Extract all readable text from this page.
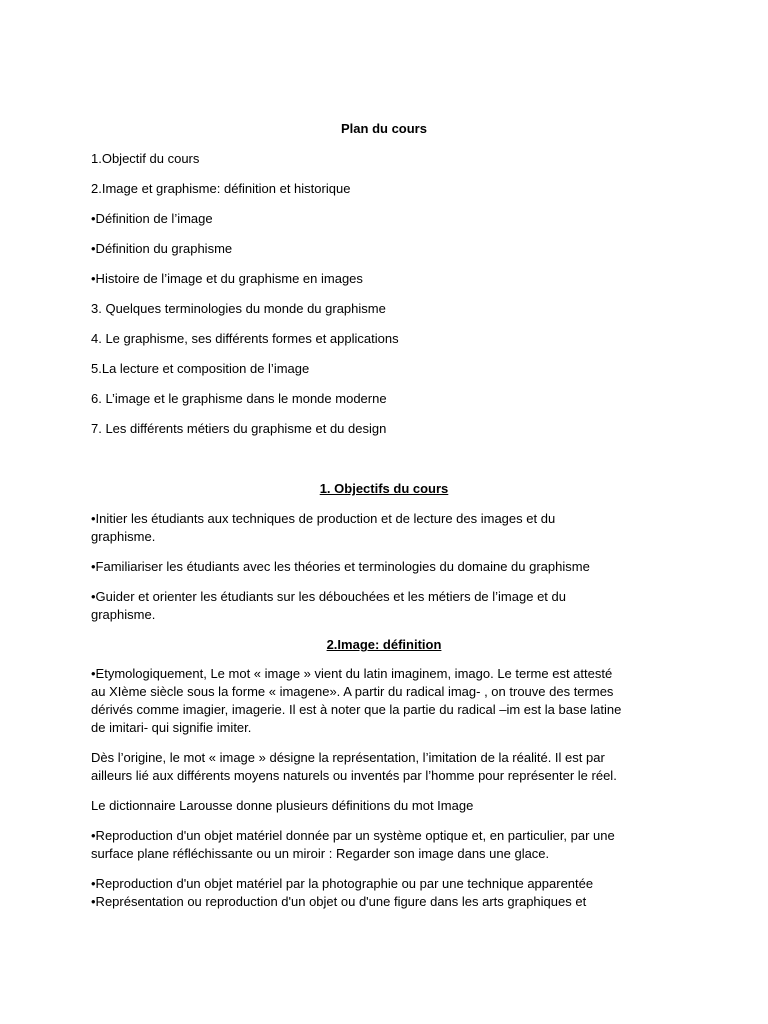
Plan du cours

1.Objectif du cours

2.Image et graphisme: définition et historique

•Définition de l’image

•Définition du graphisme

•Histoire de l’image et du graphisme en images

3. Quelques terminologies du monde du graphisme

4. Le graphisme, ses différents formes et applications

5.La lecture et composition de l’image

6. L’image et le graphisme dans le monde moderne

7. Les différents métiers du graphisme et du design

1. Objectifs du cours

•Initier les étudiants aux techniques de production et de lecture des images et du
graphisme.
•Familiariser les étudiants avec les théories et terminologies du domaine du graphisme
•Guider et orienter les étudiants sur les débouchées et les métiers de l’image et du
graphisme.

2.Image: définition

•Etymologiquement, Le mot « image » vient du latin imaginem, imago. Le terme est attesté
au XIème siècle sous la forme « imagene». A partir du radical imag- , on trouve des termes
dérivés comme imagier, imagerie. Il est à noter que la partie du radical –im est la base latine
de imitari- qui signifie imiter.
Dès l’origine, le mot « image » désigne la représentation, l’imitation de la réalité. Il est par
ailleurs lié aux différents moyens naturels ou inventés par l’homme pour représenter le réel.
Le dictionnaire Larousse donne plusieurs définitions du mot Image
•Reproduction d'un objet matériel donnée par un système optique et, en particulier, par une
surface plane réfléchissante ou un miroir : Regarder son image dans une glace.
•Reproduction d'un objet matériel par la photographie ou par une technique apparentée
•Représentation ou reproduction d'un objet ou d'une figure dans les arts graphiques et
